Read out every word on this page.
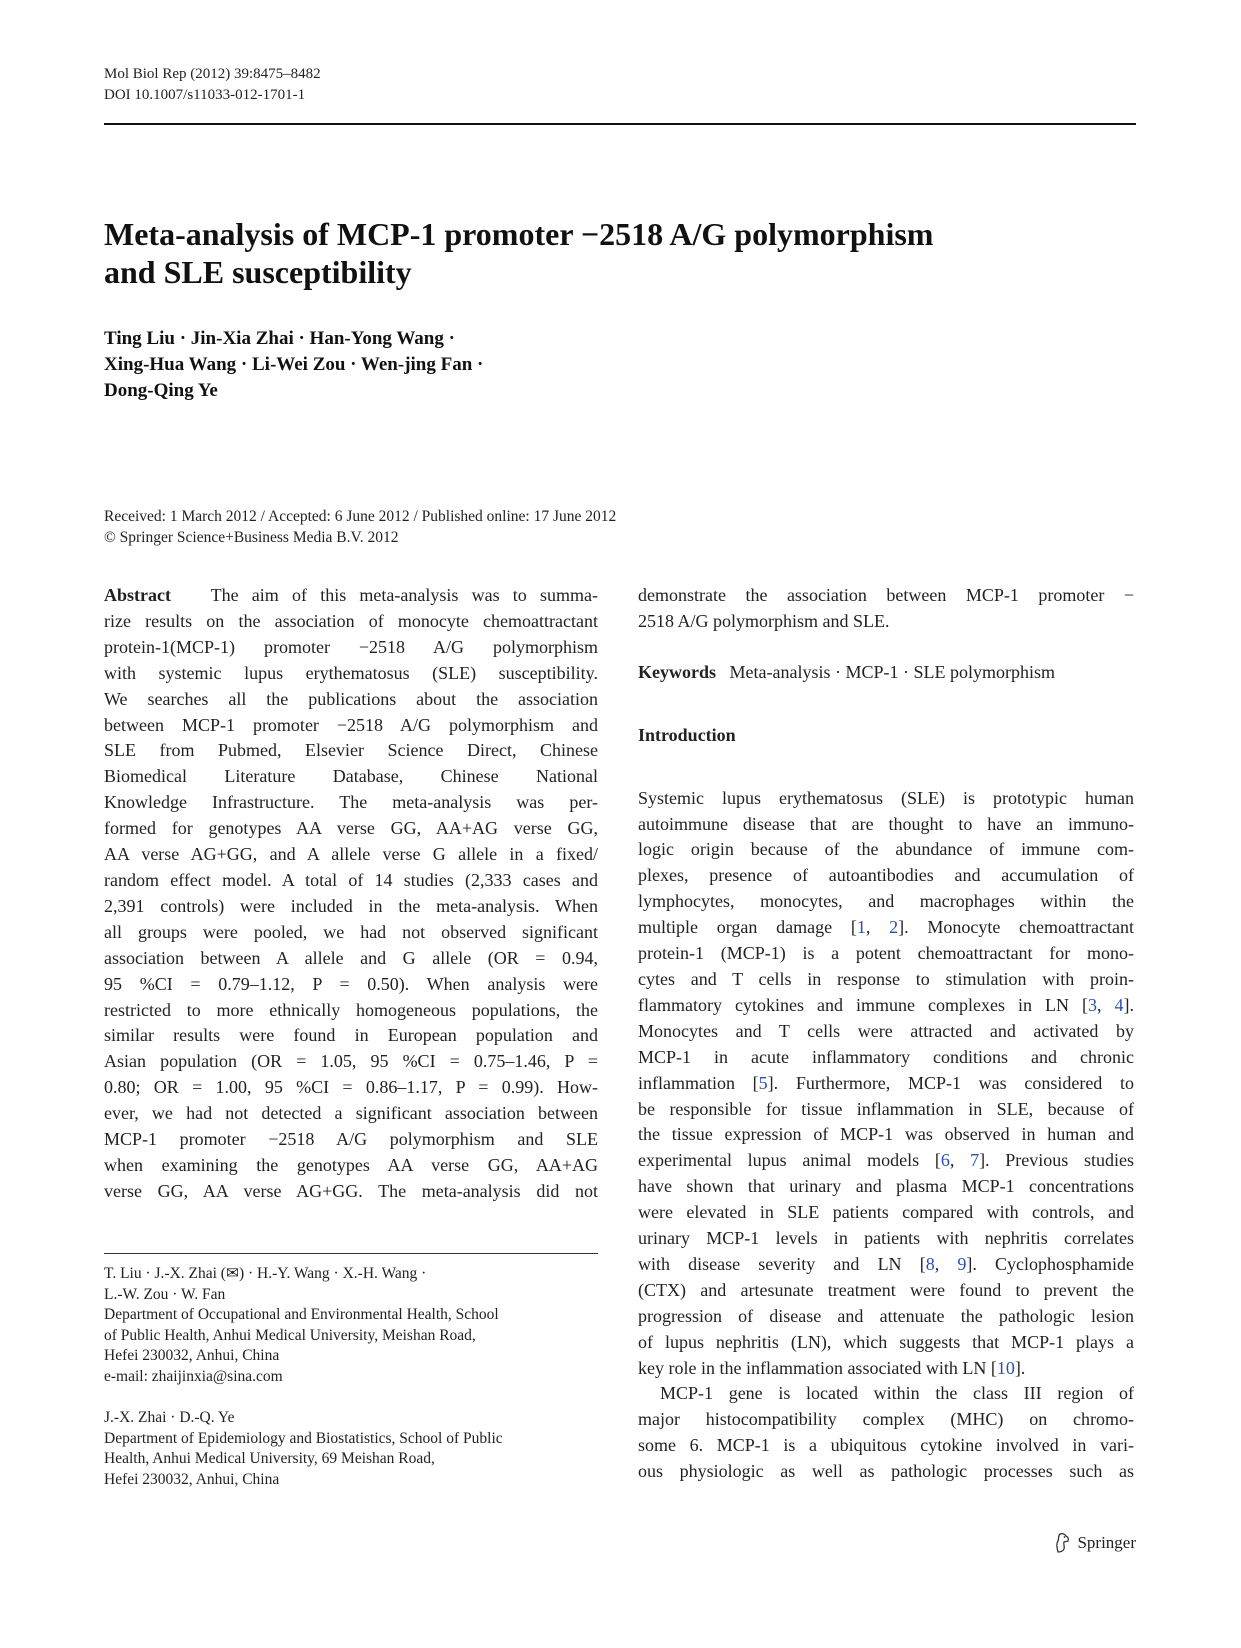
Mol Biol Rep (2012) 39:8475–8482
DOI 10.1007/s11033-012-1701-1
Meta-analysis of MCP-1 promoter −2518 A/G polymorphism
and SLE susceptibility
Ting Liu · Jin-Xia Zhai · Han-Yong Wang ·
Xing-Hua Wang · Li-Wei Zou · Wen-jing Fan ·
Dong-Qing Ye
Received: 1 March 2012 / Accepted: 6 June 2012 / Published online: 17 June 2012
© Springer Science+Business Media B.V. 2012
Abstract The aim of this meta-analysis was to summa-
rize results on the association of monocyte chemoattractant
protein-1(MCP-1) promoter −2518 A/G polymorphism
with systemic lupus erythematosus (SLE) susceptibility.
We searches all the publications about the association
between MCP-1 promoter −2518 A/G polymorphism and
SLE from Pubmed, Elsevier Science Direct, Chinese
Biomedical Literature Database, Chinese National
Knowledge Infrastructure. The meta-analysis was per-
formed for genotypes AA verse GG, AA+AG verse GG,
AA verse AG+GG, and A allele verse G allele in a fixed/
random effect model. A total of 14 studies (2,333 cases and
2,391 controls) were included in the meta-analysis. When
all groups were pooled, we had not observed significant
association between A allele and G allele (OR = 0.94,
95 %CI = 0.79–1.12, P = 0.50). When analysis were
restricted to more ethnically homogeneous populations, the
similar results were found in European population and
Asian population (OR = 1.05, 95 %CI = 0.75–1.46, P =
0.80; OR = 1.00, 95 %CI = 0.86–1.17, P = 0.99). How-
ever, we had not detected a significant association between
MCP-1 promoter −2518 A/G polymorphism and SLE
when examining the genotypes AA verse GG, AA+AG
verse GG, AA verse AG+GG. The meta-analysis did not
demonstrate the association between MCP-1 promoter −
2518 A/G polymorphism and SLE.
Keywords Meta-analysis · MCP-1 · SLE polymorphism
Introduction
Systemic lupus erythematosus (SLE) is prototypic human
autoimmune disease that are thought to have an immuno-
logic origin because of the abundance of immune com-
plexes, presence of autoantibodies and accumulation of
lymphocytes, monocytes, and macrophages within the
multiple organ damage [1, 2]. Monocyte chemoattractant
protein-1 (MCP-1) is a potent chemoattractant for mono-
cytes and T cells in response to stimulation with proin-
flammatory cytokines and immune complexes in LN [3, 4].
Monocytes and T cells were attracted and activated by
MCP-1 in acute inflammatory conditions and chronic
inflammation [5]. Furthermore, MCP-1 was considered to
be responsible for tissue inflammation in SLE, because of
the tissue expression of MCP-1 was observed in human and
experimental lupus animal models [6, 7]. Previous studies
have shown that urinary and plasma MCP-1 concentrations
were elevated in SLE patients compared with controls, and
urinary MCP-1 levels in patients with nephritis correlates
with disease severity and LN [8, 9]. Cyclophosphamide
(CTX) and artesunate treatment were found to prevent the
progression of disease and attenuate the pathologic lesion
of lupus nephritis (LN), which suggests that MCP-1 plays a
key role in the inflammation associated with LN [10].
MCP-1 gene is located within the class III region of
major histocompatibility complex (MHC) on chromo-
some 6. MCP-1 is a ubiquitous cytokine involved in vari-
ous physiologic as well as pathologic processes such as
T. Liu · J.-X. Zhai (✉) · H.-Y. Wang · X.-H. Wang ·
L.-W. Zou · W. Fan
Department of Occupational and Environmental Health, School
of Public Health, Anhui Medical University, Meishan Road,
Hefei 230032, Anhui, China
e-mail: zhaijinxia@sina.com
J.-X. Zhai · D.-Q. Ye
Department of Epidemiology and Biostatistics, School of Public
Health, Anhui Medical University, 69 Meishan Road,
Hefei 230032, Anhui, China
Springer
